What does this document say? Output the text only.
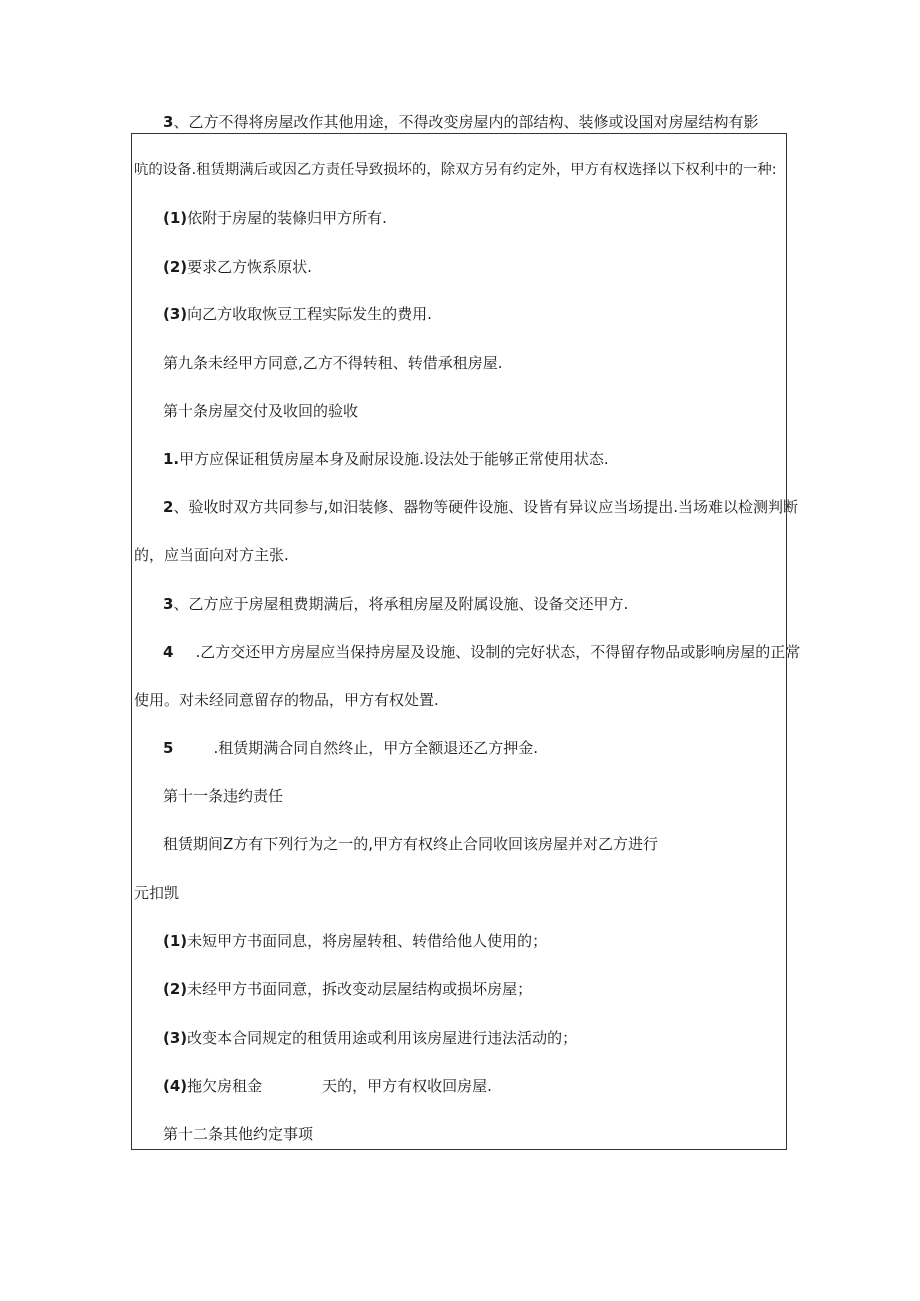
3、乙方不得将房屋改作其他用途，不得改变房屋内的部结构、装修或设国对房屋结构有影
吭的设备.租赁期满后或因乙方责任导致损坏的，除双方另有约定外，甲方有权选择以下权利中的一种:
(1)依附于房屋的装條归甲方所有.
(2)要求乙方恢系原状.
(3)向乙方收取恢豆工程实际发生的费用.
第九条未经甲方同意,乙方不得转租、转借承租房屋.
第十条房屋交付及收回的验收
1.甲方应保证租赁房屋本身及耐尿设施.设法处于能够正常使用状态.
2、验收时双方共同参与,如汨装修、器物等硬件设施、设皆有异议应当场提出.当场难以检测判断
的，应当面向对方主张.
3、乙方应于房屋租费期满后，将承租房屋及附属设施、设备交还甲方.
4 .乙方交还甲方房屋应当保持房屋及设施、设制的完好状态，不得留存物品或影响房屋的正常
使用。对未经同意留存的物品，甲方有权处置.
5	.租赁期满合同自然终止，甲方全额退还乙方押金.
第十一条违约责任
租赁期间Z方有下列行为之一的,甲方有权终止合同收回该房屋并对乙方进行
元扣凯
(1)未短甲方书面同息，将房屋转租、转借给他人使用的；
(2)未经甲方书面同意，拆改变动层屋结构或损坏房屋；
(3)改变本合同规定的租赁用途或利用该房屋进行违法活动的；
(4)拖欠房租金	天的，甲方有权收回房屋.
第十二条其他约定事项
